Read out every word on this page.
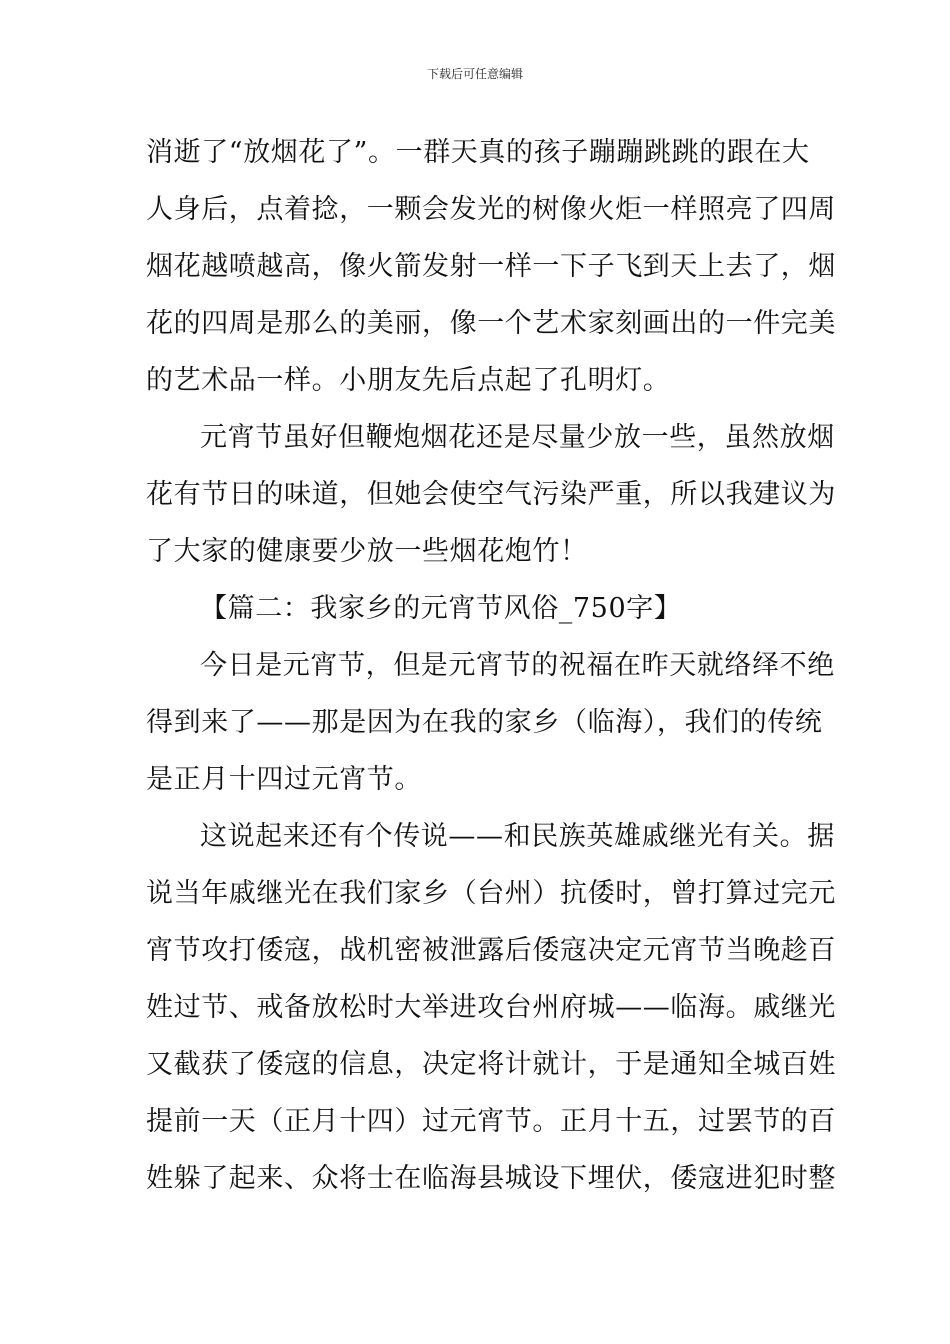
下载后可任意编辑
消逝了“放烟花了”。一群天真的孩子蹦蹦跳跳的跟在大
人身后，点着捻，一颗会发光的树像火炬一样照亮了四周
烟花越喷越高，像火箭发射一样一下子飞到天上去了，烟
花的四周是那么的美丽，像一个艺术家刻画出的一件完美
的艺术品一样。小朋友先后点起了孔明灯。
元宵节虽好但鞭炮烟花还是尽量少放一些，虽然放烟
花有节日的味道，但她会使空气污染严重，所以我建议为
了大家的健康要少放一些烟花炮竹！
【篇二：我家乡的元宵节风俗_750字】
今日是元宵节，但是元宵节的祝福在昨天就络绎不绝
得到来了——那是因为在我的家乡（临海），我们的传统
是正月十四过元宵节。
这说起来还有个传说——和民族英雄戚继光有关。据
说当年戚继光在我们家乡（台州）抗倭时，曾打算过完元
宵节攻打倭寇，战机密被泄露后倭寇决定元宵节当晚趁百
姓过节、戒备放松时大举进攻台州府城——临海。戚继光
又截获了倭寇的信息，决定将计就计，于是通知全城百姓
提前一天（正月十四）过元宵节。正月十五，过罢节的百
姓躲了起来、众将士在临海县城设下埋伏，倭寇进犯时整
